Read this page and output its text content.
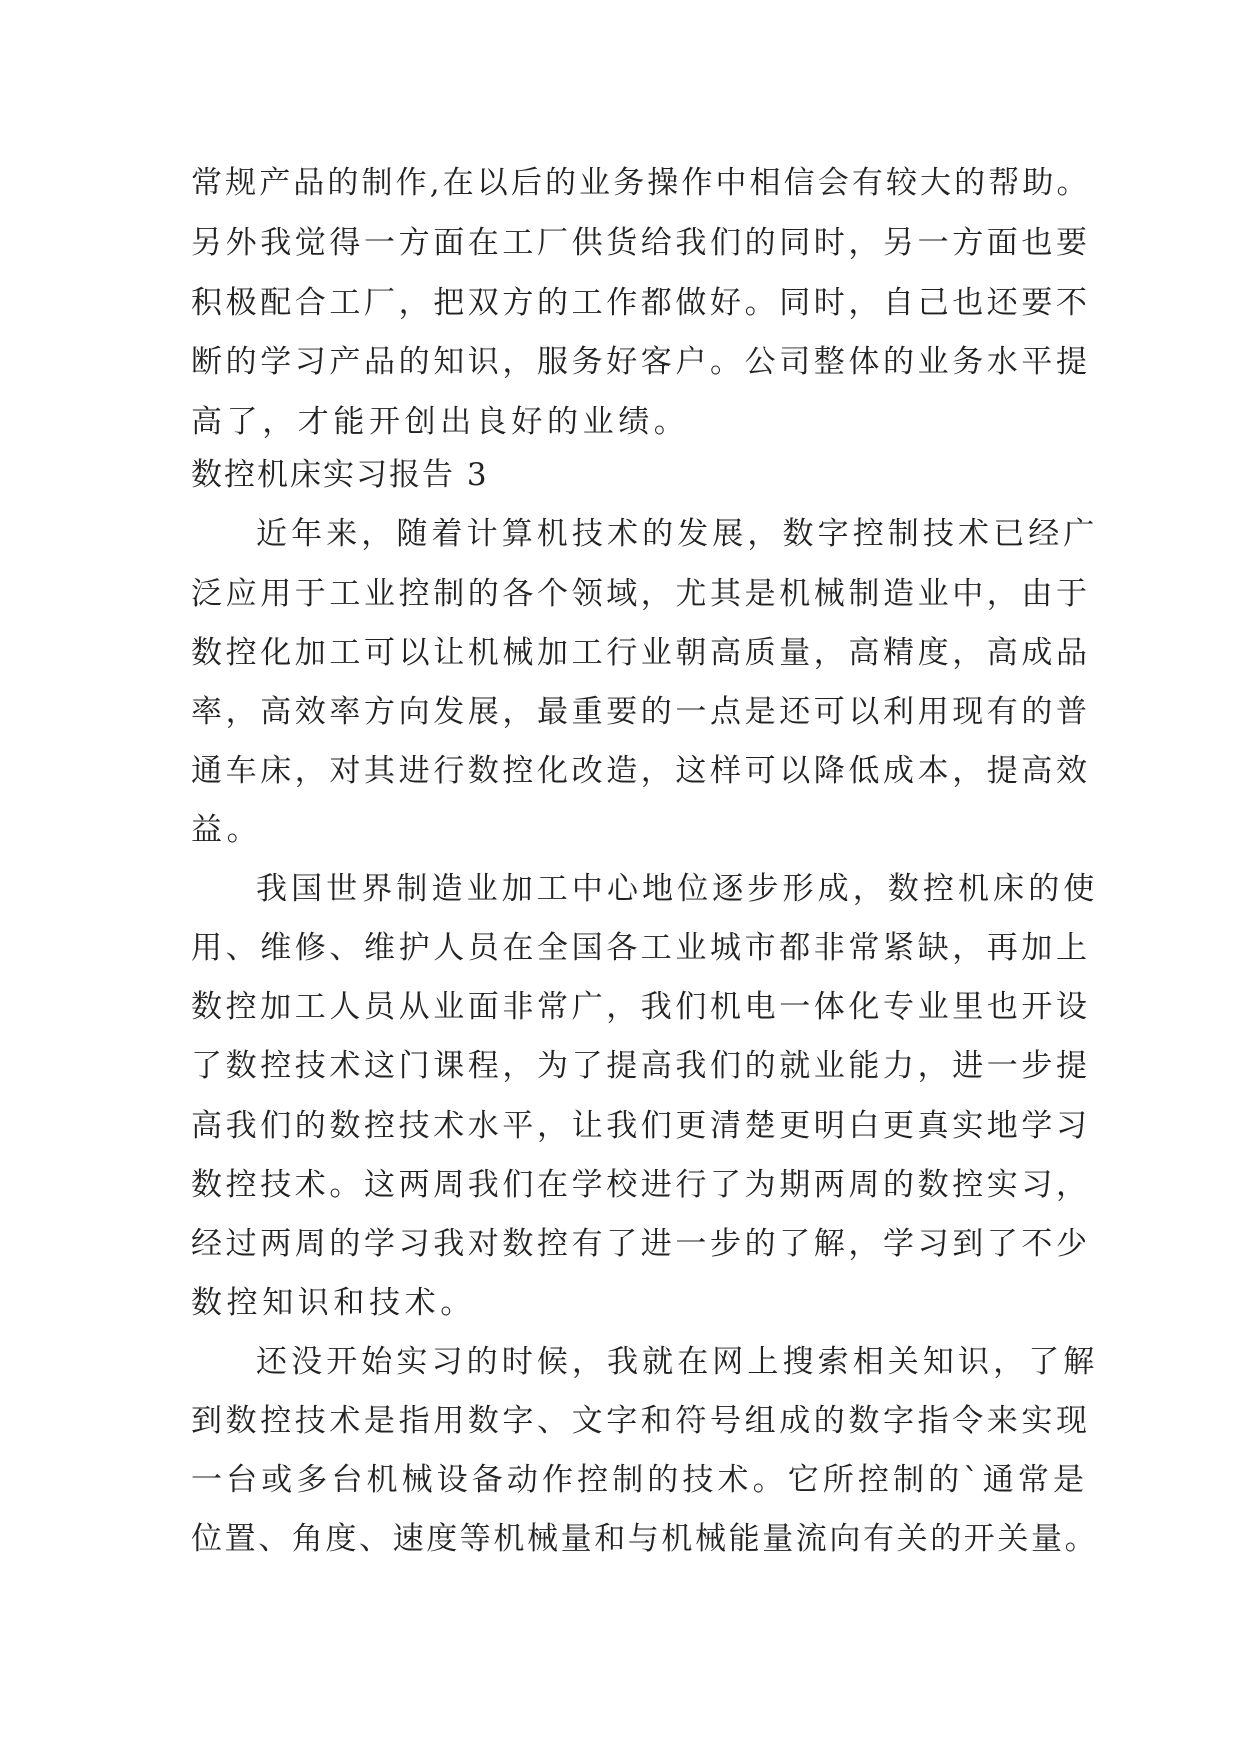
常规产品的制作,在以后的业务操作中相信会有较大的帮助。
另外我觉得一方面在工厂供货给我们的同时，另一方面也要
积极配合工厂，把双方的工作都做好。同时，自己也还要不
断的学习产品的知识，服务好客户。公司整体的业务水平提
高了，才能开创出良好的业绩。
数控机床实习报告 3
近年来，随着计算机技术的发展，数字控制技术已经广
泛应用于工业控制的各个领域，尤其是机械制造业中，由于
数控化加工可以让机械加工行业朝高质量，高精度，高成品
率，高效率方向发展，最重要的一点是还可以利用现有的普
通车床，对其进行数控化改造，这样可以降低成本，提高效
益。
我国世界制造业加工中心地位逐步形成，数控机床的使
用、维修、维护人员在全国各工业城市都非常紧缺，再加上
数控加工人员从业面非常广，我们机电一体化专业里也开设
了数控技术这门课程，为了提高我们的就业能力，进一步提
高我们的数控技术水平，让我们更清楚更明白更真实地学习
数控技术。这两周我们在学校进行了为期两周的数控实习，
经过两周的学习我对数控有了进一步的了解，学习到了不少
数控知识和技术。
还没开始实习的时候，我就在网上搜索相关知识，了解
到数控技术是指用数字、文字和符号组成的数字指令来实现
一台或多台机械设备动作控制的技术。它所控制的`通常是
位置、角度、速度等机械量和与机械能量流向有关的开关量。
